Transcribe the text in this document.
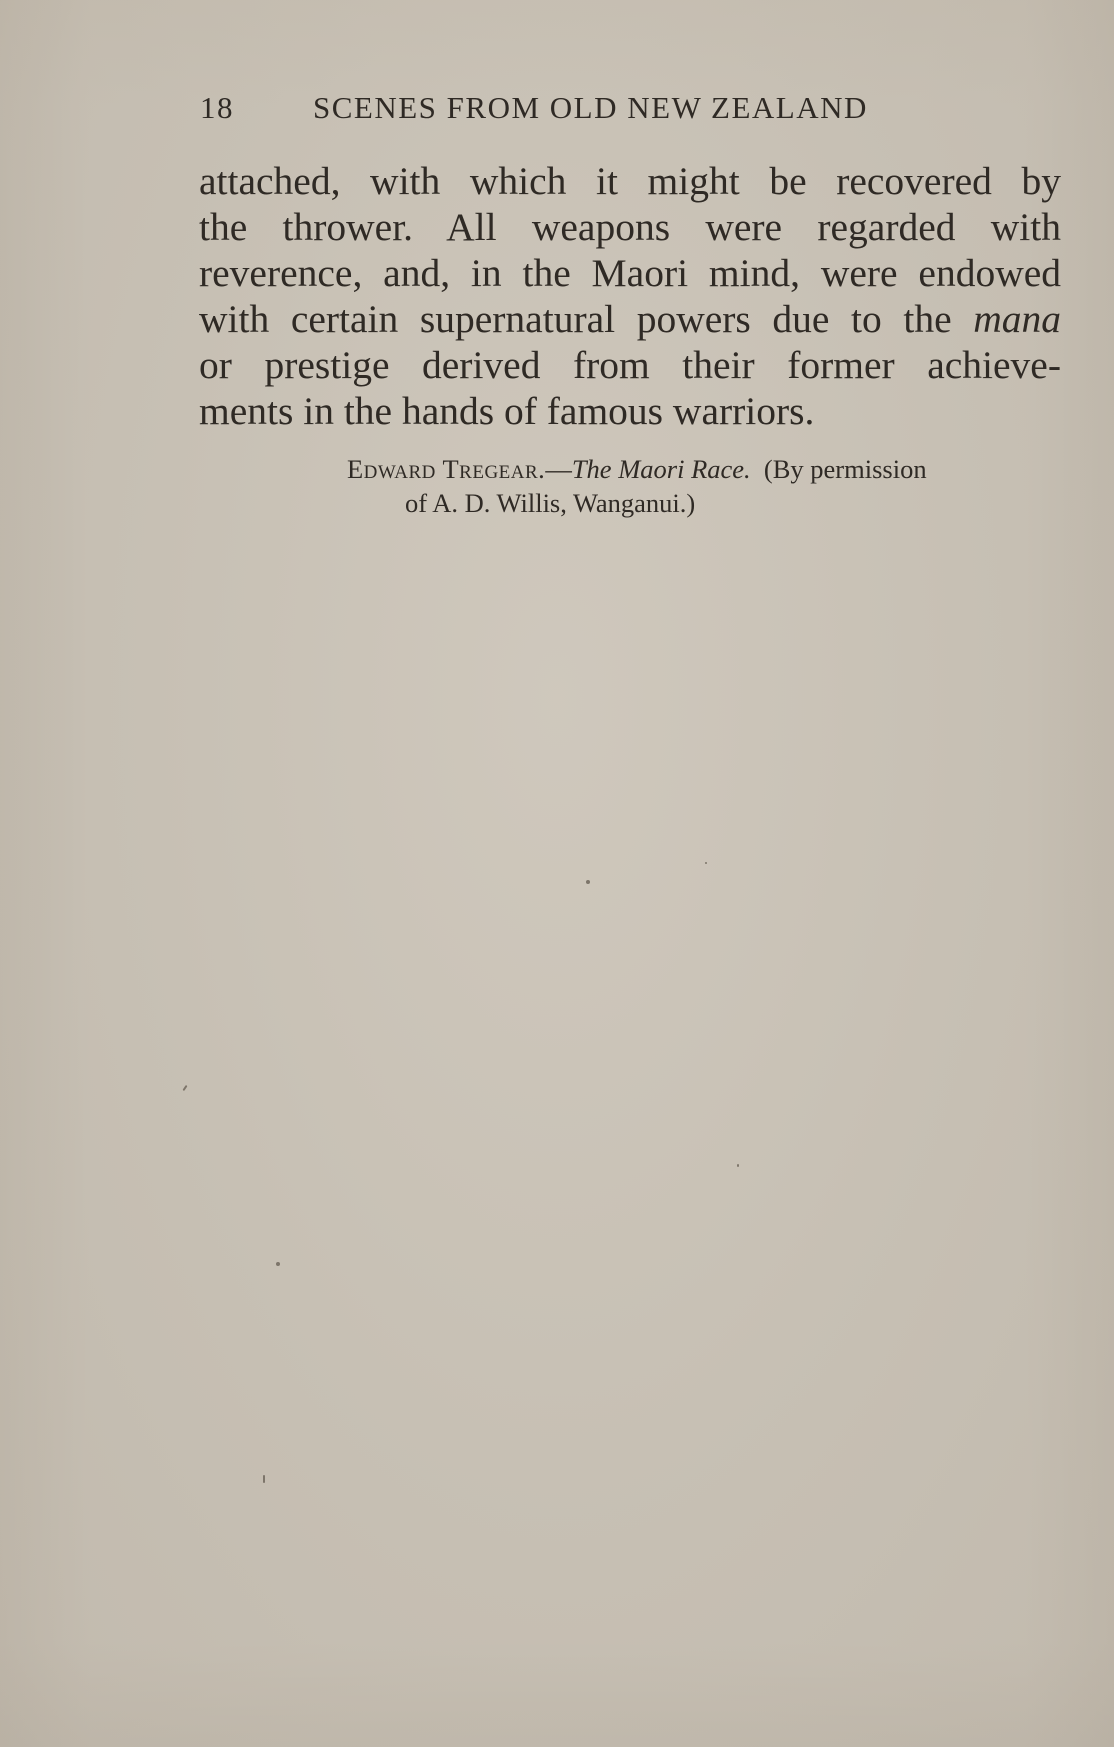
18	SCENES FROM OLD NEW ZEALAND
attached, with which it might be recovered by
the thrower. All weapons were regarded with
reverence, and, in the Maori mind, were endowed
with certain supernatural powers due to the mana
or prestige derived from their former achieve-
ments in the hands of famous warriors.
Edward Tregear.—The Maori Race.  (By permission
of A. D. Willis, Wanganui.)
